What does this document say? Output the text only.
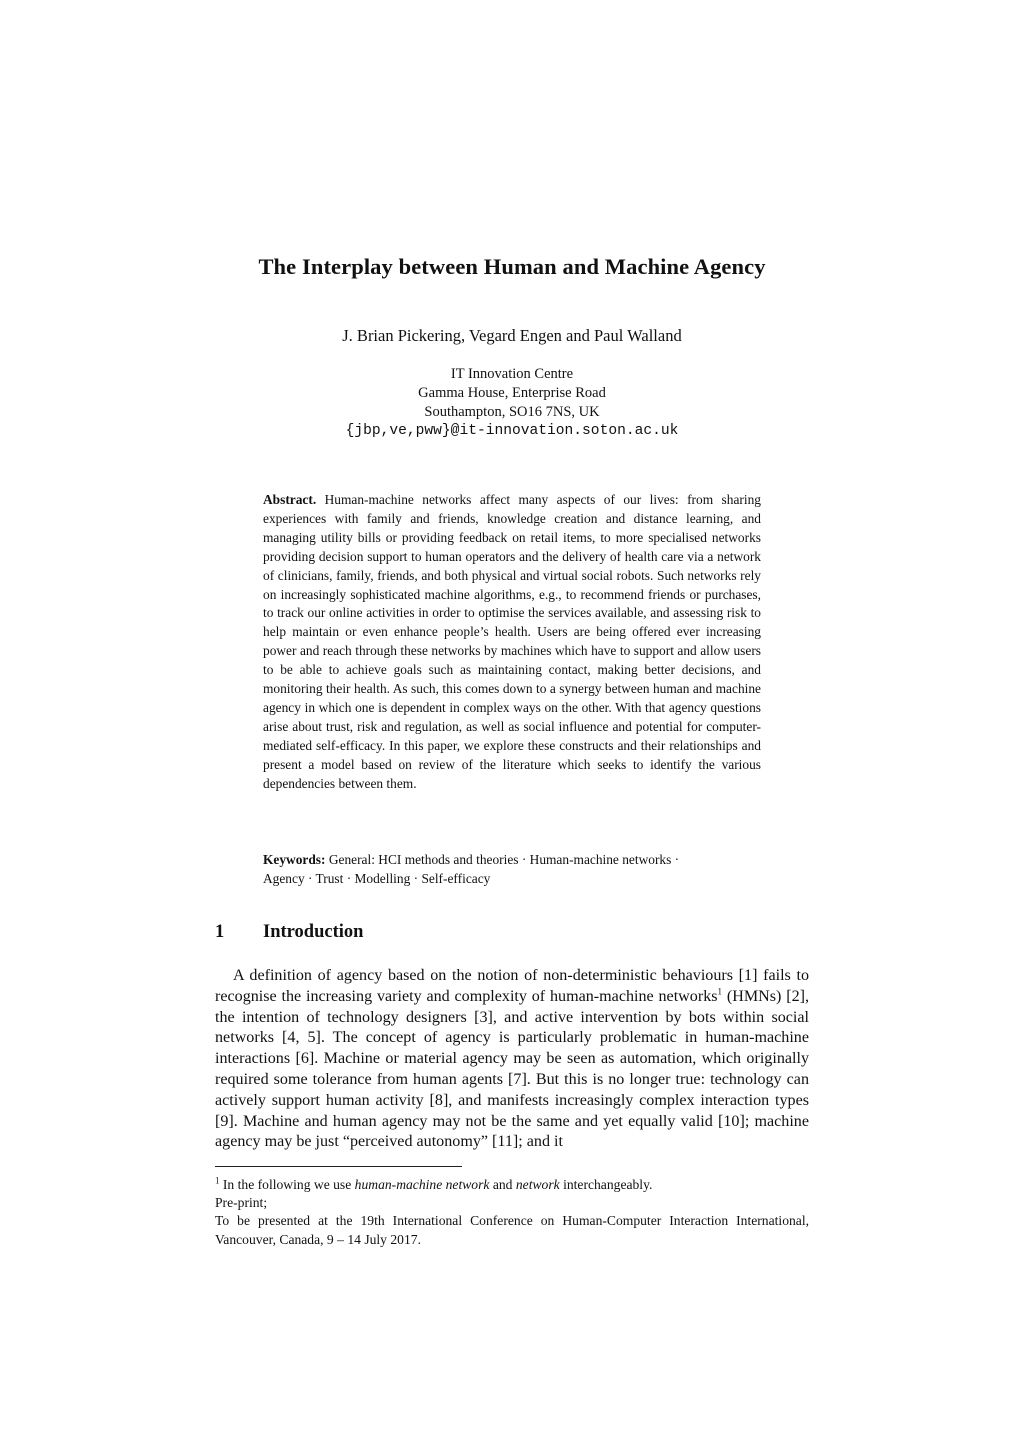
The Interplay between Human and Machine Agency
J. Brian Pickering, Vegard Engen and Paul Walland
IT Innovation Centre
Gamma House, Enterprise Road
Southampton, SO16 7NS, UK
{jbp,ve,pww}@it-innovation.soton.ac.uk
Abstract. Human-machine networks affect many aspects of our lives: from sharing experiences with family and friends, knowledge creation and distance learning, and managing utility bills or providing feedback on retail items, to more specialised networks providing decision support to human operators and the delivery of health care via a network of clinicians, family, friends, and both physical and virtual social robots. Such networks rely on increasingly sophisticated machine algorithms, e.g., to recommend friends or purchases, to track our online activities in order to optimise the services available, and assessing risk to help maintain or even enhance people’s health. Users are being offered ever increasing power and reach through these networks by machines which have to support and allow users to be able to achieve goals such as maintaining contact, making better decisions, and monitoring their health. As such, this comes down to a synergy between human and machine agency in which one is dependent in complex ways on the other. With that agency questions arise about trust, risk and regulation, as well as social influence and potential for computer-mediated self-efficacy. In this paper, we explore these constructs and their relationships and present a model based on review of the literature which seeks to identify the various dependencies between them.
Keywords: General: HCI methods and theories · Human-machine networks ·
Agency · Trust · Modelling · Self-efficacy
1 Introduction
A definition of agency based on the notion of non-deterministic behaviours [1] fails to recognise the increasing variety and complexity of human-machine networks$^1$ (HMNs) [2], the intention of technology designers [3], and active intervention by bots within social networks [4, 5]. The concept of agency is particularly problematic in human-machine interactions [6]. Machine or material agency may be seen as automation, which originally required some tolerance from human agents [7]. But this is no longer true: technology can actively support human activity [8], and manifests increasingly complex interaction types [9]. Machine and human agency may not be the same and yet equally valid [10]; machine agency may be just “perceived autonomy” [11]; and it

$^1$ In the following we use human-machine network and network interchangeably.

Pre-print;

To be presented at the 19th International Conference on Human-Computer Interaction International, Vancouver, Canada, 9 – 14 July 2017.
